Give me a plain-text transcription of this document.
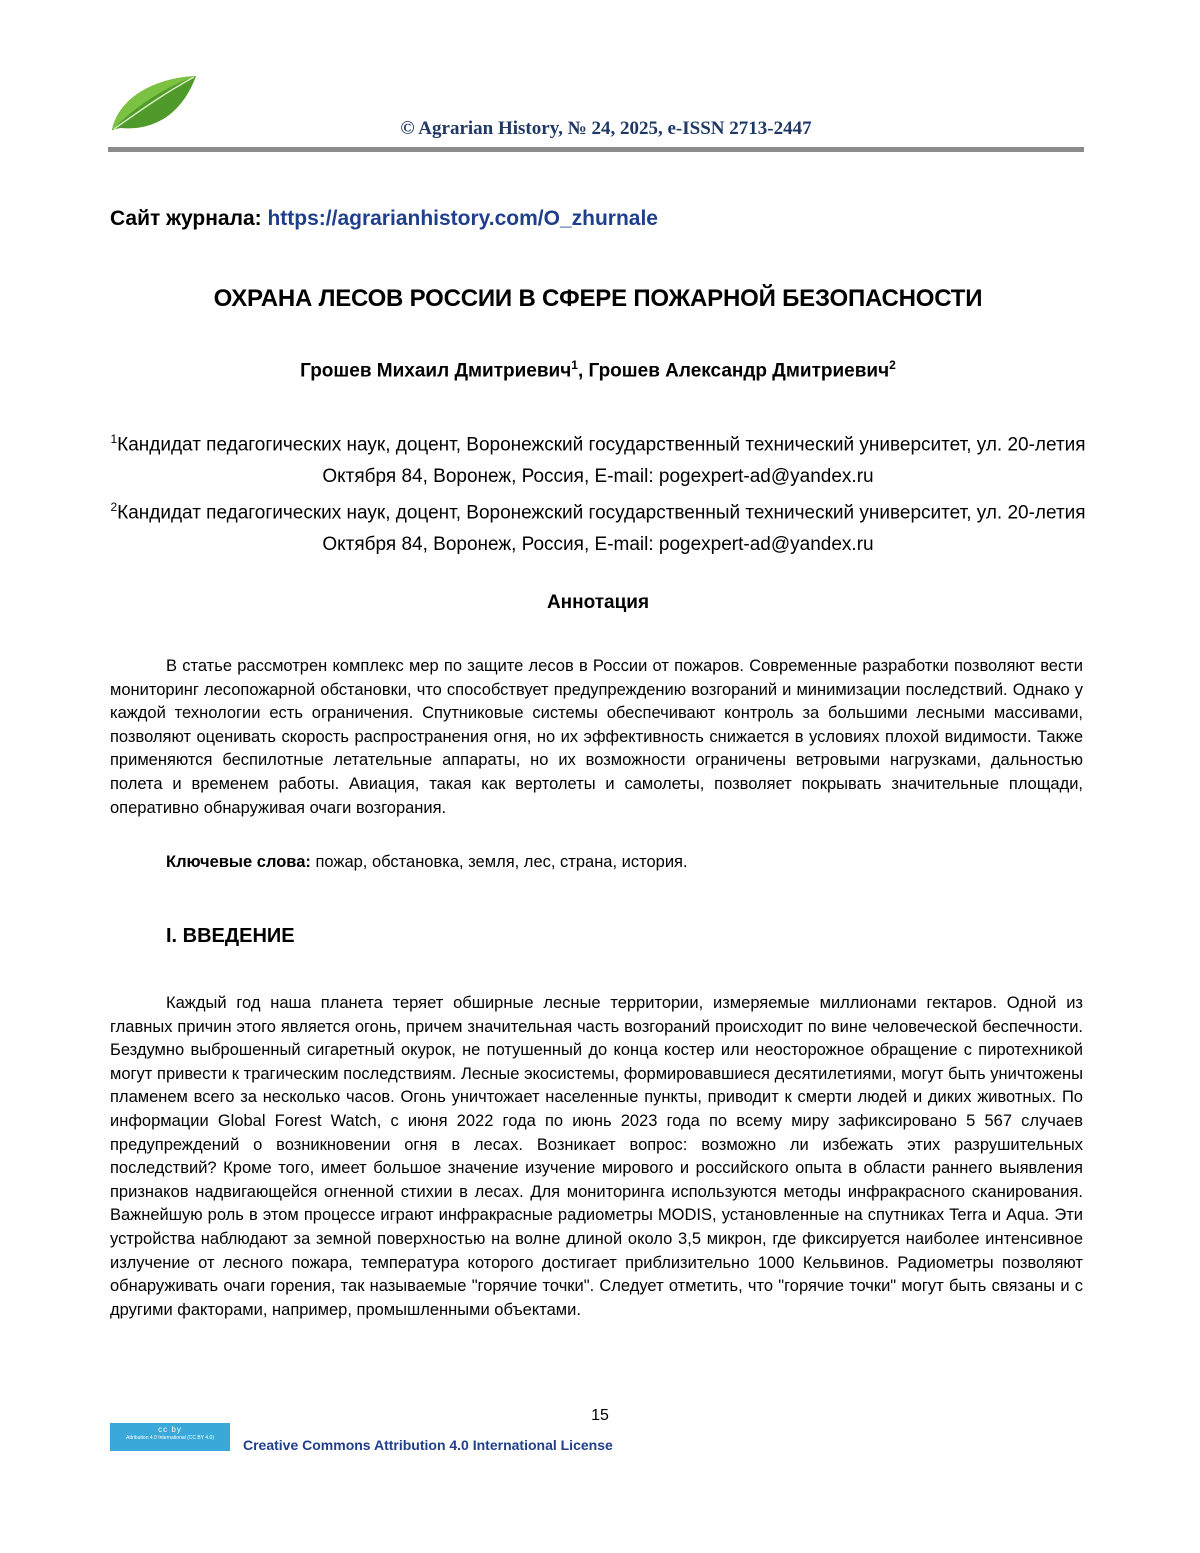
© Agrarian History, № 24, 2025, e-ISSN 2713-2447
Сайт журнала: https://agrarianhistory.com/O_zhurnale
ОХРАНА ЛЕСОВ РОССИИ В СФЕРЕ ПОЖАРНОЙ БЕЗОПАСНОСТИ
Грошев Михаил Дмитриевич$^1$, Грошев Александр Дмитриевич$^2$
$^1$Кандидат педагогических наук, доцент, Воронежский государственный технический университет, ул. 20-летия Октября 84, Воронеж, Россия, E-mail: pogexpert-ad@yandex.ru
$^2$Кандидат педагогических наук, доцент, Воронежский государственный технический университет, ул. 20-летия Октября 84, Воронеж, Россия, E-mail: pogexpert-ad@yandex.ru
Аннотация
В статье рассмотрен комплекс мер по защите лесов в России от пожаров. Современные разработки позволяют вести мониторинг лесопожарной обстановки, что способствует предупреждению возгораний и минимизации последствий. Однако у каждой технологии есть ограничения. Спутниковые системы обеспечивают контроль за большими лесными массивами, позволяют оценивать скорость распространения огня, но их эффективность снижается в условиях плохой видимости. Также применяются беспилотные летательные аппараты, но их возможности ограничены ветровыми нагрузками, дальностью полета и временем работы. Авиация, такая как вертолеты и самолеты, позволяет покрывать значительные площади, оперативно обнаруживая очаги возгорания.
Ключевые слова: пожар, обстановка, земля, лес, страна, история.
I. ВВЕДЕНИЕ
Каждый год наша планета теряет обширные лесные территории, измеряемые миллионами гектаров. Одной из главных причин этого является огонь, причем значительная часть возгораний происходит по вине человеческой беспечности. Бездумно выброшенный сигаретный окурок, не потушенный до конца костер или неосторожное обращение с пиротехникой могут привести к трагическим последствиям. Лесные экосистемы, формировавшиеся десятилетиями, могут быть уничтожены пламенем всего за несколько часов. Огонь уничтожает населенные пункты, приводит к смерти людей и диких животных. По информации Global Forest Watch, с июня 2022 года по июнь 2023 года по всему миру зафиксировано 5 567 случаев предупреждений о возникновении огня в лесах. Возникает вопрос: возможно ли избежать этих разрушительных последствий? Кроме того, имеет большое значение изучение мирового и российского опыта в области раннего выявления признаков надвигающейся огненной стихии в лесах. Для мониторинга используются методы инфракрасного сканирования. Важнейшую роль в этом процессе играют инфракрасные радиометры MODIS, установленные на спутниках Terra и Aqua. Эти устройства наблюдают за земной поверхностью на волне длиной около 3,5 микрон, где фиксируется наиболее интенсивное излучение от лесного пожара, температура которого достигает приблизительно 1000 Кельвинов. Радиометры позволяют обнаруживать очаги горения, так называемые "горячие точки". Следует отметить, что "горячие точки" могут быть связаны и с другими факторами, например, промышленными объектами.
15
cc by
Attribution 4.0 International (CC BY 4.0)	Creative Commons Attribution 4.0 International License
